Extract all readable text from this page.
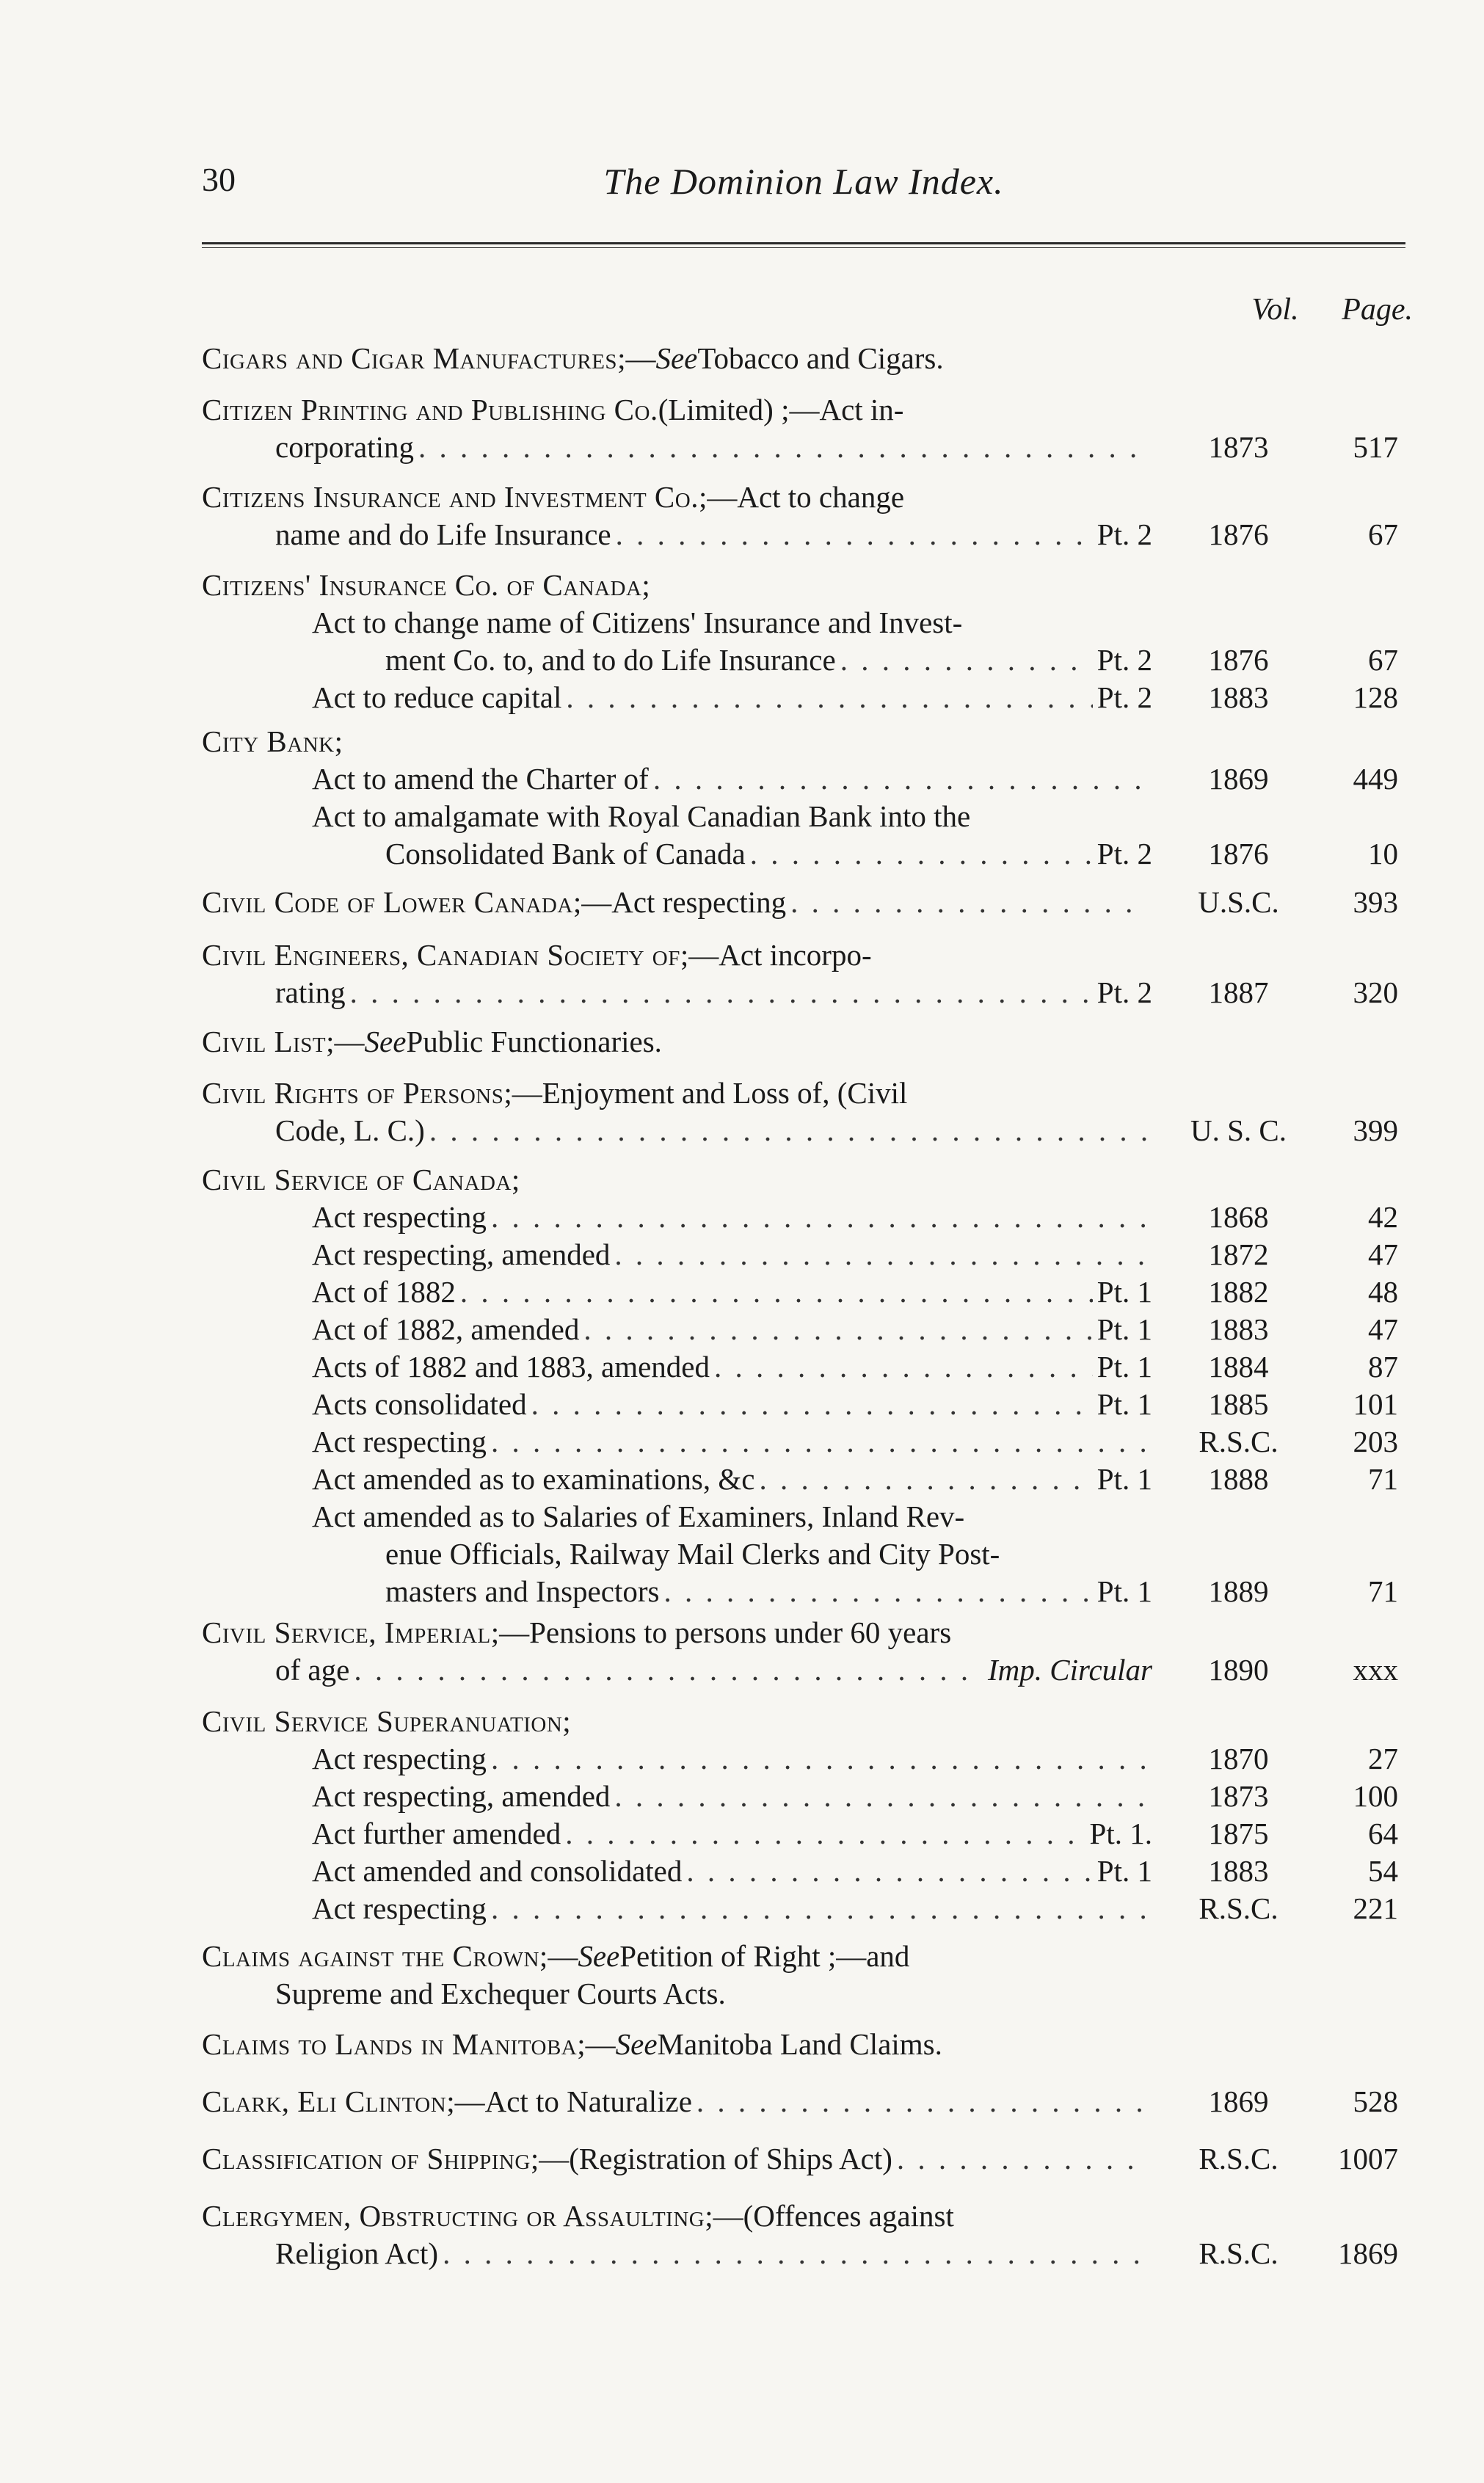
30	The Dominion Law Index.
Vol.	Page.
Cigars and Cigar Manufactures ;— See Tobacco and Cigars.
Citizen Printing and Publishing Co. (Limited) ;—Act in-
corporating . . .	1873	517
Citizens Insurance and Investment Co. ;—Act to change
name and do Life Insurance . . .	Pt. 2	1876	67
Citizens' Insurance Co. of Canada ;
Act to change name of Citizens' Insurance and Invest-
ment Co. to, and to do Life Insurance . . .	Pt. 2	1876	67
Act to reduce capital . . .	Pt. 2	1883	128
City Bank ;
Act to amend the Charter of . . .	1869	449
Act to amalgamate with Royal Canadian Bank into the
Consolidated Bank of Canada . . .	Pt. 2	1876	10
Civil Code of Lower Canada ;—Act respecting . . .	U.S.C.	393
Civil Engineers, Canadian Society of ;—Act incorpo-
rating . . .	Pt. 2	1887	320
Civil List ;— See Public Functionaries.
Civil Rights of Persons ;—Enjoyment and Loss of, (Civil
Code, L. C.) . . .	U. S. C.	399
Civil Service of Canada ;
Act respecting . . .	1868	42
Act respecting, amended . . .	1872	47
Act of 1882 . . .	Pt. 1	1882	48
Act of 1882, amended . . .	Pt. 1	1883	47
Acts of 1882 and 1883, amended . . .	Pt. 1	1884	87
Acts consolidated . . .	Pt. 1	1885	101
Act respecting . . .	R.S.C.	203
Act amended as to examinations, &c . . .	Pt. 1	1888	71
Act amended as to Salaries of Examiners, Inland Rev-
enue Officials, Railway Mail Clerks and City Post-
masters and Inspectors . . .	Pt. 1	1889	71
Civil Service, Imperial ;—Pensions to persons under 60 years
of age . . .	Imp. Circular	1890	xxx
Civil Service Superanuation ;
Act respecting . . .	1870	27
Act respecting, amended . . .	1873	100
Act further amended . . .	Pt. 1.	1875	64
Act amended and consolidated . . .	Pt. 1	1883	54
Act respecting . . .	R.S.C.	221
Claims against the Crown ;— See Petition of Right ;—and
Supreme and Exchequer Courts Acts.
Claims to Lands in Manitoba ;— See Manitoba Land Claims.
Clark, Eli Clinton ;—Act to Naturalize . . .	1869	528
Classification of Shipping ;—(Registration of Ships Act) . . .	R.S.C.	1007
Clergymen, Obstructing or Assaulting ;—(Offences against
Religion Act) . . .	R.S.C.	1869
